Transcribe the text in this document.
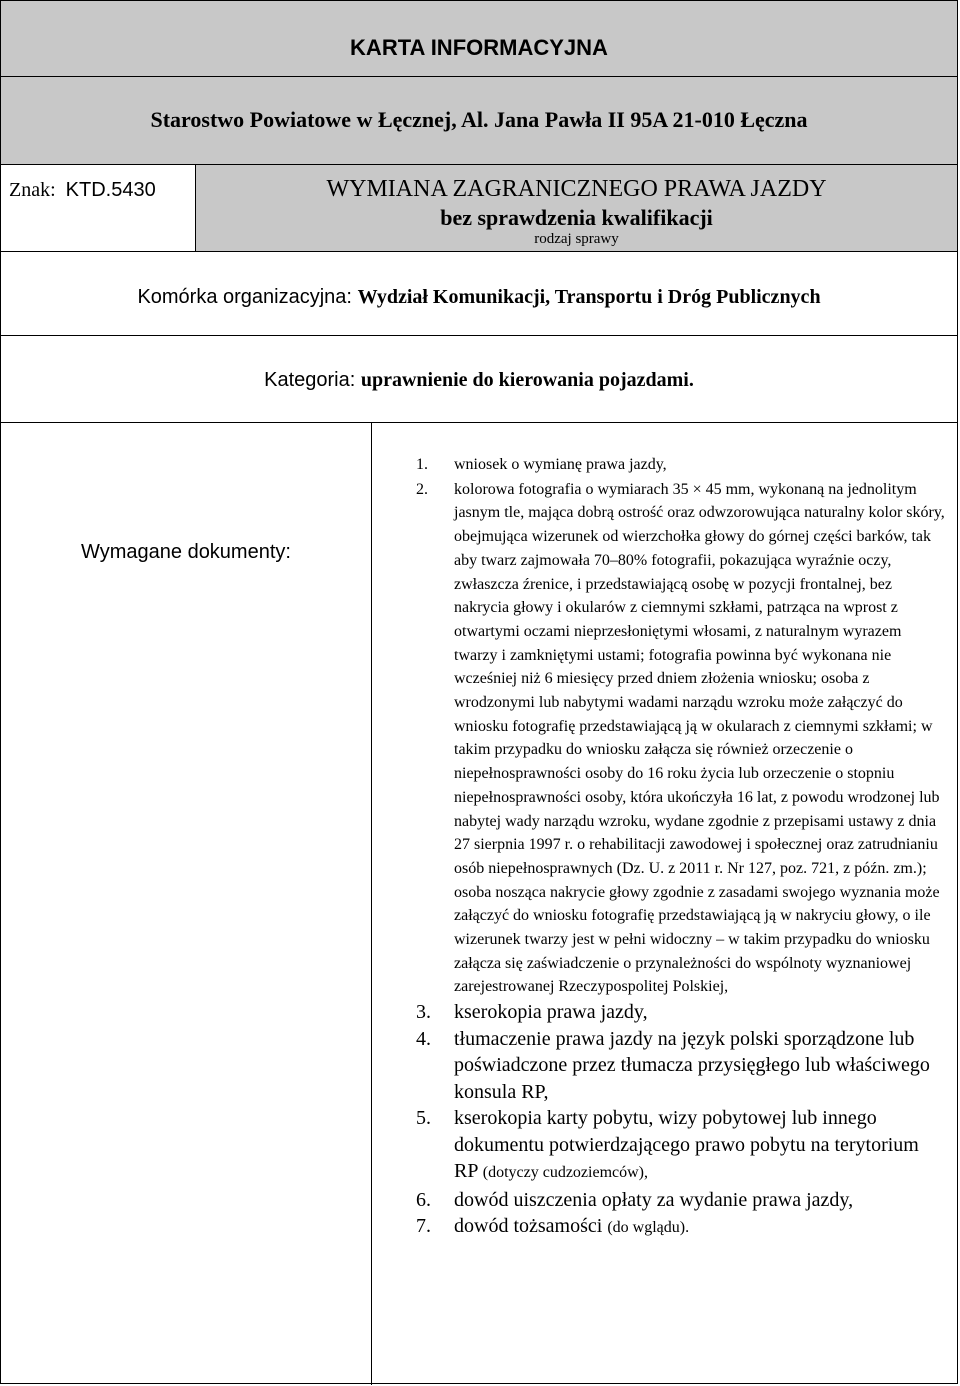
KARTA INFORMACYJNA
Starostwo Powiatowe w Łęcznej, Al. Jana Pawła II 95A 21-010 Łęczna
Znak: KTD.5430	WYMIANA ZAGRANICZNEGO PRAWA JAZDY
bez sprawdzenia kwalifikacji
rodzaj sprawy
Komórka organizacyjna: Wydział Komunikacji, Transportu i Dróg Publicznych
Kategoria: uprawnienie do kierowania pojazdami.
Wymagane dokumenty:
1. wniosek o wymianę prawa jazdy,
2. kolorowa fotografia o wymiarach 35 × 45 mm, wykonaną na jednolitym jasnym tle, mająca dobrą ostrość oraz odwzorowująca naturalny kolor skóry, obejmująca wizerunek od wierzchołka głowy do górnej części barków, tak aby twarz zajmowała 70–80% fotografii, pokazująca wyraźnie oczy, zwłaszcza źrenice, i przedstawiającą osobę w pozycji frontalnej, bez nakrycia głowy i okularów z ciemnymi szkłami, patrząca na wprost z otwartymi oczami nieprzesłoniętymi włosami, z naturalnym wyrazem twarzy i zamkniętymi ustami; fotografia powinna być wykonana nie wcześniej niż 6 miesięcy przed dniem złożenia wniosku; osoba z wrodzonymi lub nabytymi wadami narządu wzroku może załączyć do wniosku fotografię przedstawiającą ją w okularach z ciemnymi szkłami; w takim przypadku do wniosku załącza się również orzeczenie o niepełnosprawności osoby do 16 roku życia lub orzeczenie o stopniu niepełnosprawności osoby, która ukończyła 16 lat, z powodu wrodzonej lub nabytej wady narządu wzroku, wydane zgodnie z przepisami ustawy z dnia 27 sierpnia 1997 r. o rehabilitacji zawodowej i społecznej oraz zatrudnianiu osób niepełnosprawnych (Dz. U. z 2011 r. Nr 127, poz. 721, z późn. zm.); osoba nosząca nakrycie głowy zgodnie z zasadami swojego wyznania może załączyć do wniosku fotografię przedstawiającą ją w nakryciu głowy, o ile wizerunek twarzy jest w pełni widoczny – w takim przypadku do wniosku załącza się zaświadczenie o przynależności do wspólnoty wyznaniowej zarejestrowanej Rzeczypospolitej Polskiej,
3. kserokopia prawa jazdy,
4. tłumaczenie prawa jazdy na język polski sporządzone lub poświadczone przez tłumacza przysięgłego lub właściwego konsula RP,
5. kserokopia karty pobytu, wizy pobytowej lub innego dokumentu potwierdzającego prawo pobytu na terytorium RP (dotyczy cudzoziemców),
6. dowód uiszczenia opłaty za wydanie prawa jazdy,
7. dowód tożsamości (do wglądu).
